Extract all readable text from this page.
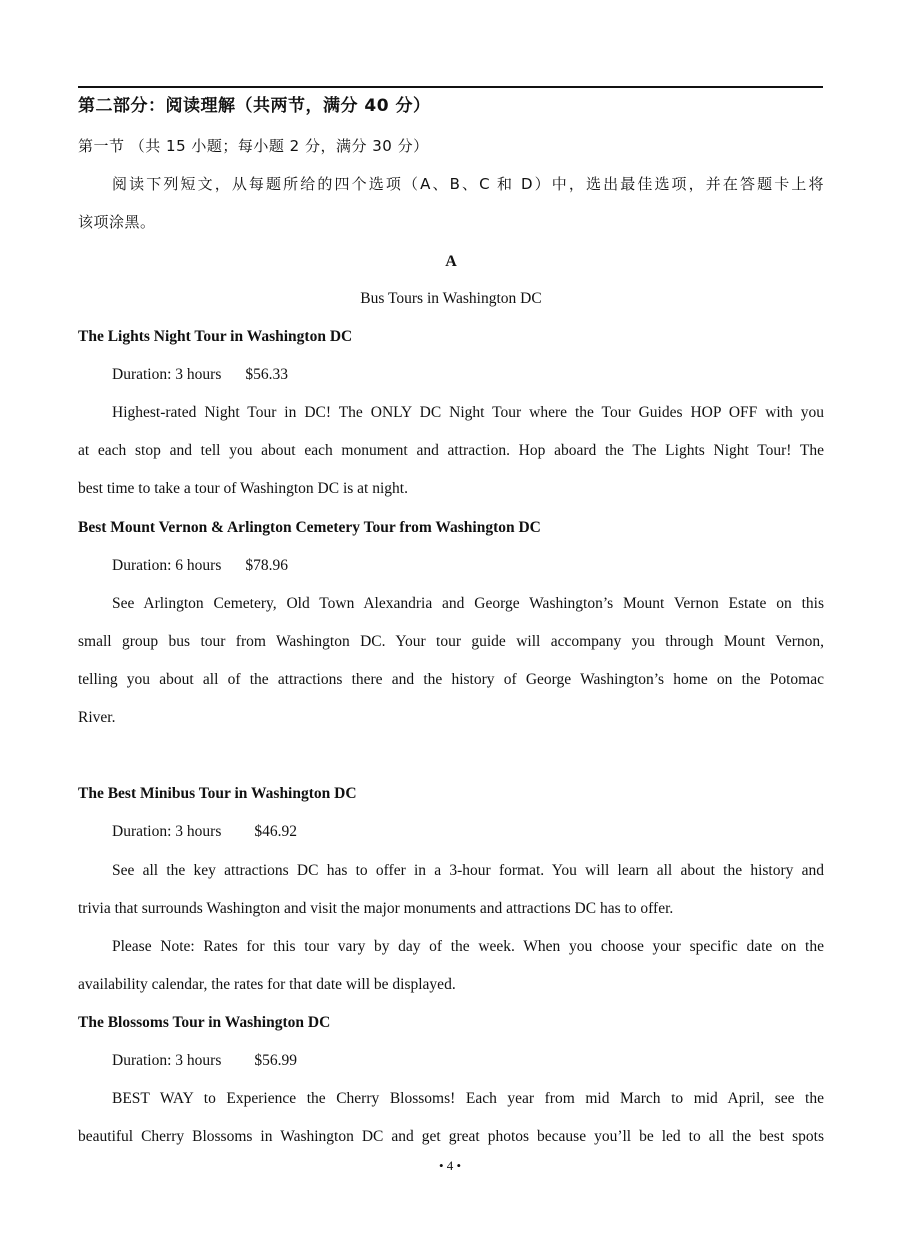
第二部分：阅读理解（共两节，满分 40 分）
第一节 （共 15 小题；每小题 2 分，满分 30 分）
阅读下列短文，从每题所给的四个选项（A、B、C 和 D）中，选出最佳选项，并在答题卡上将
该项涂黑。
A
Bus Tours in Washington DC
The Lights Night Tour in Washington DC
Duration: 3 hours $56.33
Highest-rated Night Tour in DC! The ONLY DC Night Tour where the Tour Guides HOP OFF with you
at each stop and tell you about each monument and attraction. Hop aboard the The Lights Night Tour! The
best time to take a tour of Washington DC is at night.
Best Mount Vernon & Arlington Cemetery Tour from Washington DC
Duration: 6 hours $78.96
See Arlington Cemetery, Old Town Alexandria and George Washington’s Mount Vernon Estate on this
small group bus tour from Washington DC. Your tour guide will accompany you through Mount Vernon,
telling you about all of the attractions there and the history of George Washington’s home on the Potomac
River.
The Best Minibus Tour in Washington DC
Duration: 3 hours $46.92
See all the key attractions DC has to offer in a 3-hour format. You will learn all about the history and
trivia that surrounds Washington and visit the major monuments and attractions DC has to offer.
Please Note: Rates for this tour vary by day of the week. When you choose your specific date on the
availability calendar, the rates for that date will be displayed.
The Blossoms Tour in Washington DC
Duration: 3 hours $56.99
BEST WAY to Experience the Cherry Blossoms! Each year from mid March to mid April, see the
beautiful Cherry Blossoms in Washington DC and get great photos because you’ll be led to all the best spots
• 4 •
